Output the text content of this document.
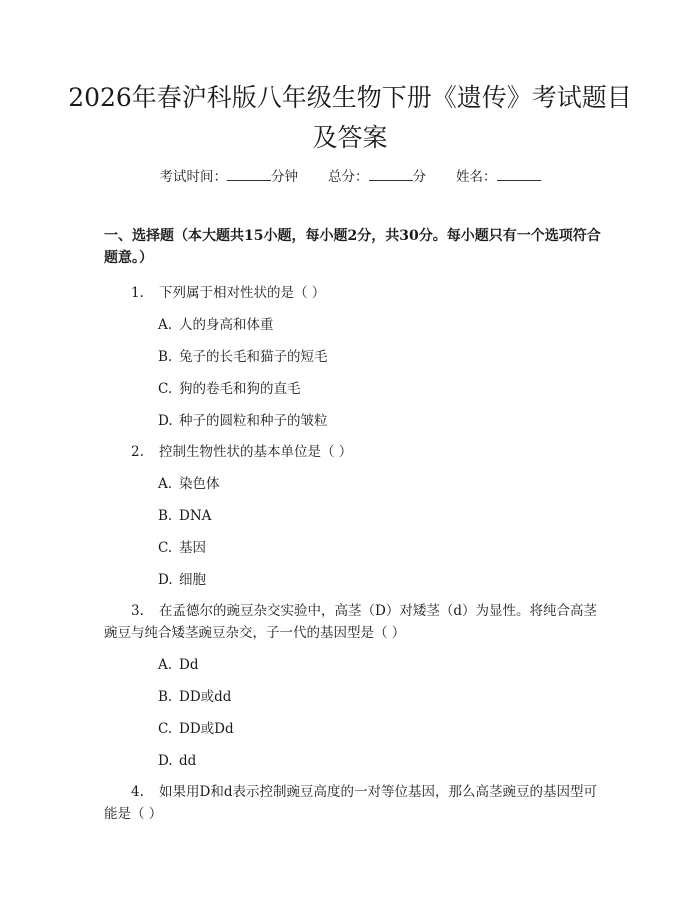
2026年春沪科版八年级生物下册《遗传》考试题目及答案
考试时间：	分钟 总分：	分 姓名：
一、选择题（本大题共15小题，每小题2分，共30分。每小题只有一个选项符合题意。）
1. 下列属于相对性状的是（ ）
A. 人的身高和体重
B. 兔子的长毛和猫子的短毛
C. 狗的卷毛和狗的直毛
D. 种子的圆粒和种子的皱粒
2. 控制生物性状的基本单位是（ ）
A. 染色体
B. DNA
C. 基因
D. 细胞
3. 在孟德尔的豌豆杂交实验中，高茎（D）对矮茎（d）为显性。将纯合高茎豌豆与纯合矮茎豌豆杂交，子一代的基因型是（ ）
A. Dd
B. DD或dd
C. DD或Dd
D. dd
4. 如果用D和d表示控制豌豆高度的一对等位基因，那么高茎豌豆的基因型可能是（ ）
